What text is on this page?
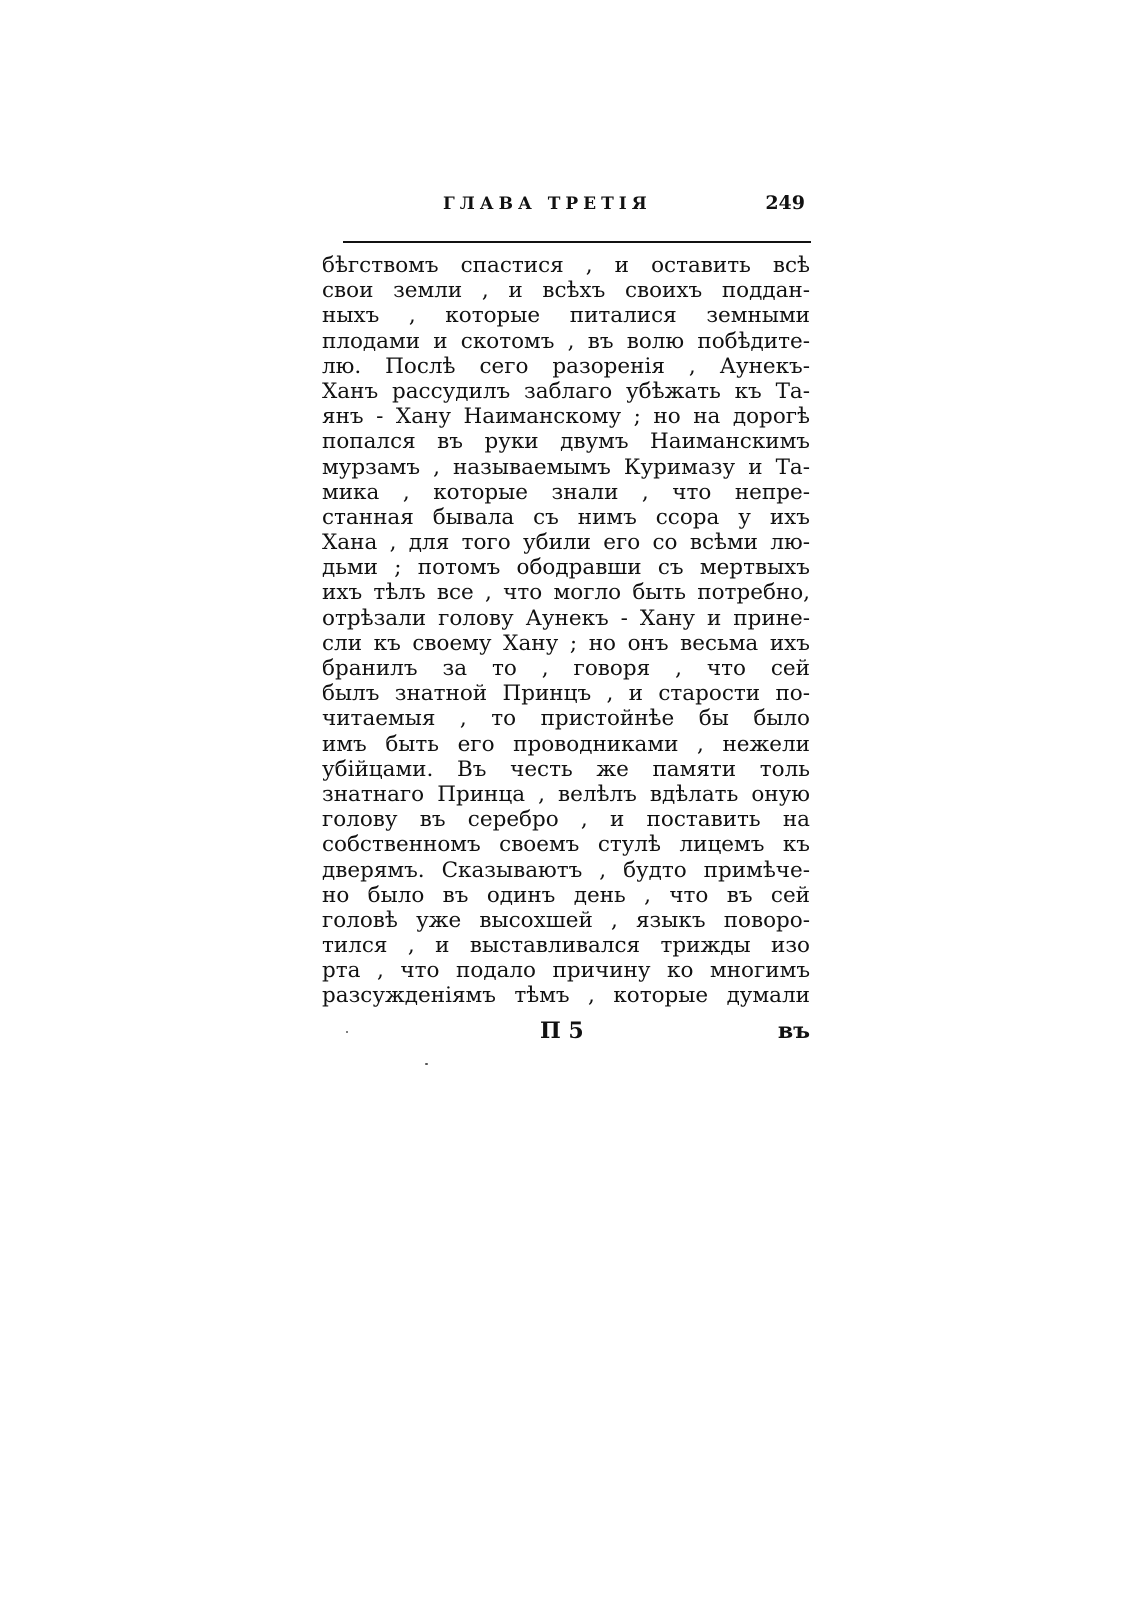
ГЛАВА ТРЕТІЯ	249
бѣгствомъ спастися , и оставить всѣ
свои земли , и всѣхъ своихъ поддан-
ныхъ , которые питалися земными
плодами и скотомъ , въ волю побѣдите-
лю. Послѣ сего разоренія , Аунекъ-
Ханъ рассудилъ заблаго убѣжать къ Та-
янъ - Хану Наиманскому ; но на дорогѣ
попался въ руки двумъ Наиманскимъ
мурзамъ , называемымъ Куримазу и Та-
мика , которые знали , что непре-
станная бывала съ нимъ ссора у ихъ
Хана , для того убили его со всѣми лю-
дьми ; потомъ ободравши съ мертвыхъ
ихъ тѣлъ все , что могло быть потребно,
отрѣзали голову Аунекъ - Хану и принe-
сли къ своему Хану ; но онъ весьма ихъ
бранилъ за то , говоря , что сей
былъ знатной Принцъ , и старости по-
читаемыя , то пристойнѣе бы было
имъ быть его проводниками , нежели
убійцами. Въ честь же памяти толь
знатнаго Принца , велѣлъ вдѣлать оную
голову въ серебро , и поставить на
собственномъ своемъ стулѣ лицемъ къ
дверямъ. Сказываютъ , будто примѣче-
но было въ одинъ день , что въ сей
головѣ уже высохшей , языкъ поворо-
тился , и выставливался трижды изо
рта , что подало причину ко многимъ
разсужденіямъ тѣмъ , которые думали
П 5	въ
